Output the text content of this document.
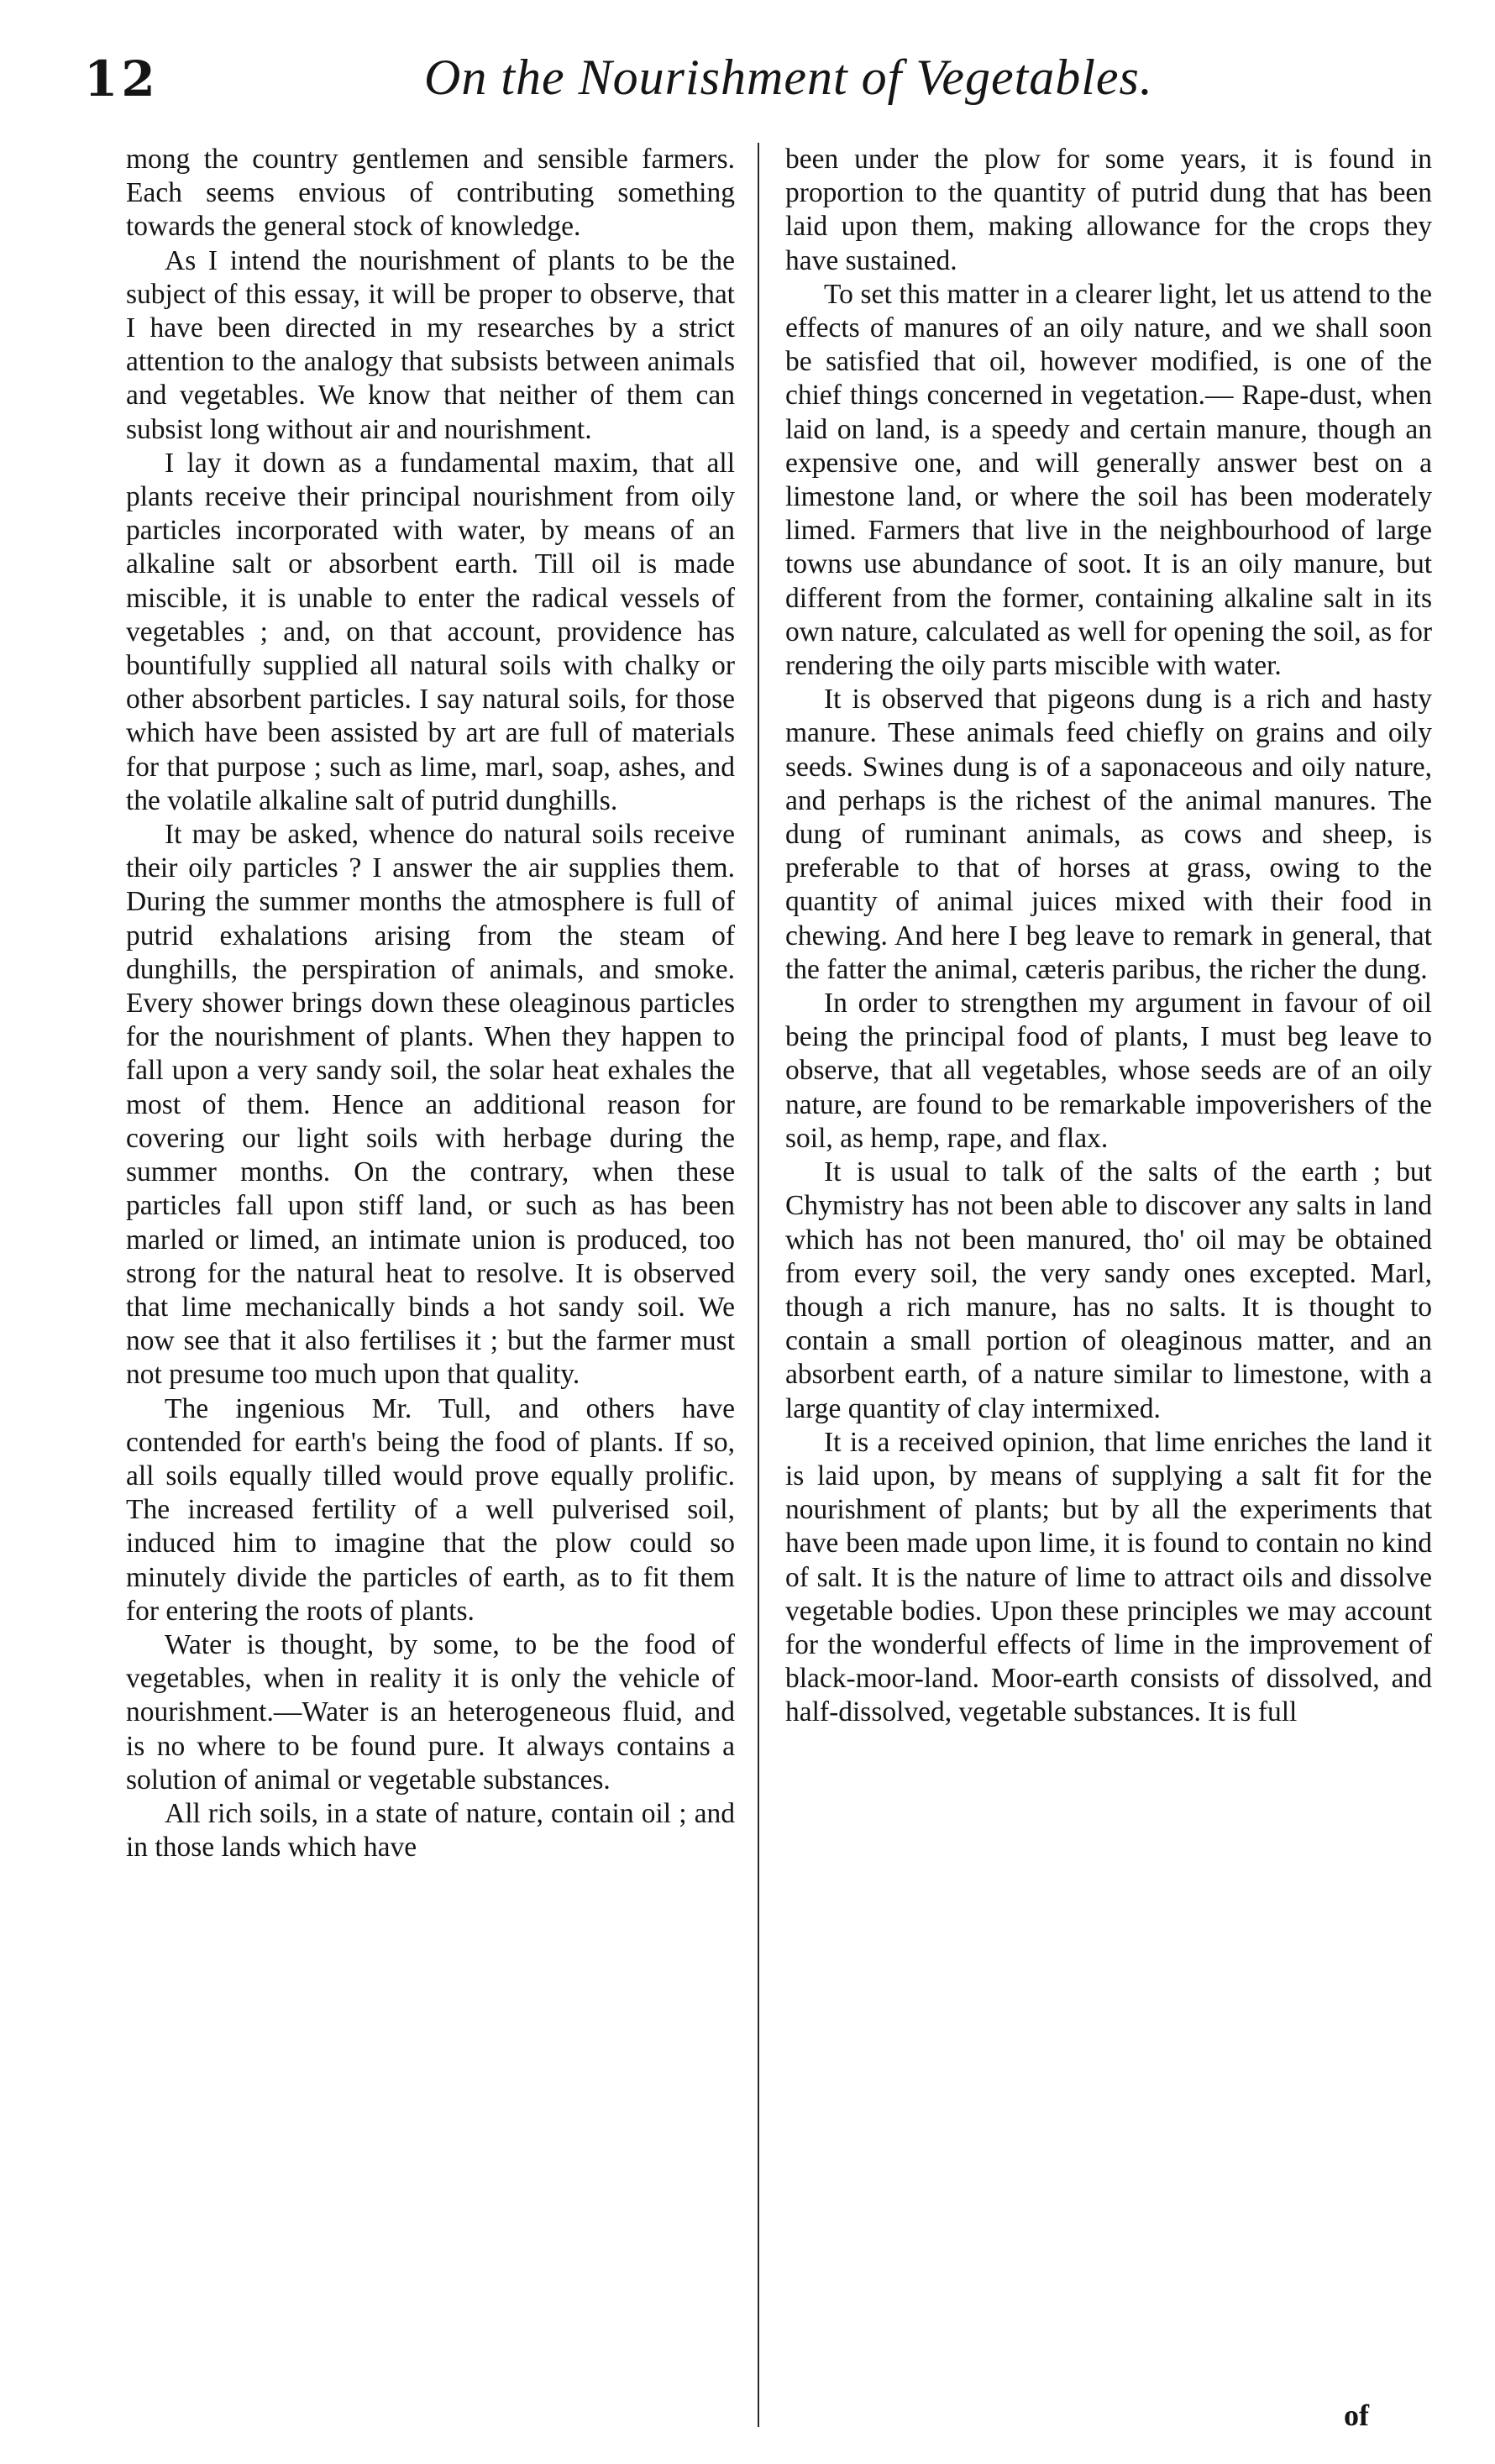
12	On the Nourishment of Vegetables.

mong the country gentlemen and sensible farmers. Each seems envious of contributing something towards the general stock of knowledge.

As I intend the nourishment of plants to be the subject of this essay, it will be proper to observe, that I have been directed in my researches by a strict attention to the analogy that subsists between animals and vegetables. We know that neither of them can subsist long without air and nourishment.

I lay it down as a fundamental maxim, that all plants receive their principal nourishment from oily particles incorporated with water, by means of an alkaline salt or absorbent earth. Till oil is made miscible, it is unable to enter the radical vessels of vegetables ; and, on that account, providence has bountifully supplied all natural soils with chalky or other absorbent particles. I say natural soils, for those which have been assisted by art are full of materials for that purpose ; such as lime, marl, soap, ashes, and the volatile alkaline salt of putrid dunghills.

It may be asked, whence do natural soils receive their oily particles ? I answer the air supplies them. During the summer months the atmosphere is full of putrid exhalations arising from the steam of dunghills, the perspiration of animals, and smoke. Every shower brings down these oleaginous particles for the nourishment of plants. When they happen to fall upon a very sandy soil, the solar heat exhales the most of them. Hence an additional reason for covering our light soils with herbage during the summer months. On the contrary, when these particles fall upon stiff land, or such as has been marled or limed, an intimate union is produced, too strong for the natural heat to resolve. It is observed that lime mechanically binds a hot sandy soil. We now see that it also fertilises it ; but the farmer must not presume too much upon that quality.

The ingenious Mr. Tull, and others have contended for earth's being the food of plants. If so, all soils equally tilled would prove equally prolific. The increased fertility of a well pulverised soil, induced him to imagine that the plow could so minutely divide the particles of earth, as to fit them for entering the roots of plants.

Water is thought, by some, to be the food of vegetables, when in reality it is only the vehicle of nourishment.—Water is an heterogeneous fluid, and is no where to be found pure. It always contains a solution of animal or vegetable substances.

All rich soils, in a state of nature, contain oil ; and in those lands which have

been under the plow for some years, it is found in proportion to the quantity of putrid dung that has been laid upon them, making allowance for the crops they have sustained.

To set this matter in a clearer light, let us attend to the effects of manures of an oily nature, and we shall soon be satisfied that oil, however modified, is one of the chief things concerned in vegetation.— Rape-dust, when laid on land, is a speedy and certain manure, though an expensive one, and will generally answer best on a limestone land, or where the soil has been moderately limed. Farmers that live in the neighbourhood of large towns use abundance of soot. It is an oily manure, but different from the former, containing alkaline salt in its own nature, calculated as well for opening the soil, as for rendering the oily parts miscible with water.

It is observed that pigeons dung is a rich and hasty manure. These animals feed chiefly on grains and oily seeds. Swines dung is of a saponaceous and oily nature, and perhaps is the richest of the animal manures. The dung of ruminant animals, as cows and sheep, is preferable to that of horses at grass, owing to the quantity of animal juices mixed with their food in chewing. And here I beg leave to remark in general, that the fatter the animal, cæteris paribus, the richer the dung.

In order to strengthen my argument in favour of oil being the principal food of plants, I must beg leave to observe, that all vegetables, whose seeds are of an oily nature, are found to be remarkable impoverishers of the soil, as hemp, rape, and flax.

It is usual to talk of the salts of the earth ; but Chymistry has not been able to discover any salts in land which has not been manured, tho' oil may be obtained from every soil, the very sandy ones excepted. Marl, though a rich manure, has no salts. It is thought to contain a small portion of oleaginous matter, and an absorbent earth, of a nature similar to limestone, with a large quantity of clay intermixed.

It is a received opinion, that lime enriches the land it is laid upon, by means of supplying a salt fit for the nourishment of plants; but by all the experiments that have been made upon lime, it is found to contain no kind of salt. It is the nature of lime to attract oils and dissolve vegetable bodies. Upon these principles we may account for the wonderful effects of lime in the improvement of black-moor-land. Moor-earth consists of dissolved, and half-dissolved, vegetable substances. It is full

of
